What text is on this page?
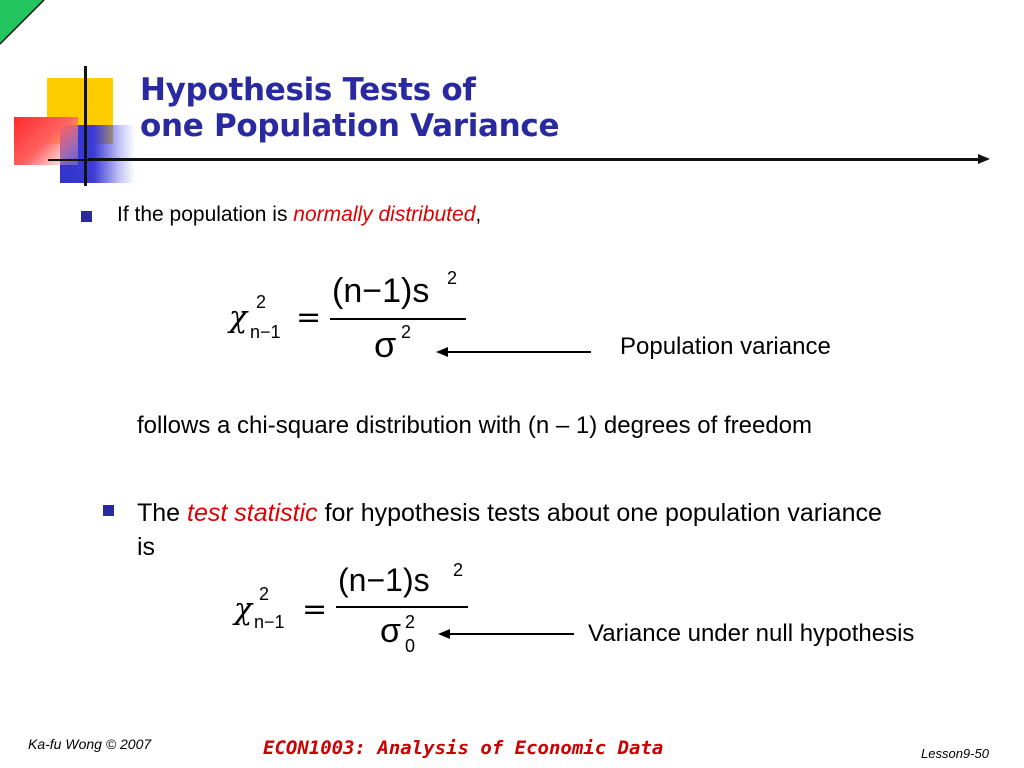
Hypothesis Tests of
one Population Variance
If the population is normally distributed,
χ 2
n−1 =
(n−1)s 2
σ 2
Population variance
follows a chi-square distribution with (n – 1) degrees of freedom
The test statistic for hypothesis tests about one population variance is
χ 2
n−1 =
(n−1)s 2
σ 2
0	Variance under null hypothesis
Ka-fu Wong © 2007	ECON1003: Analysis of Economic Data	Lesson9-50
